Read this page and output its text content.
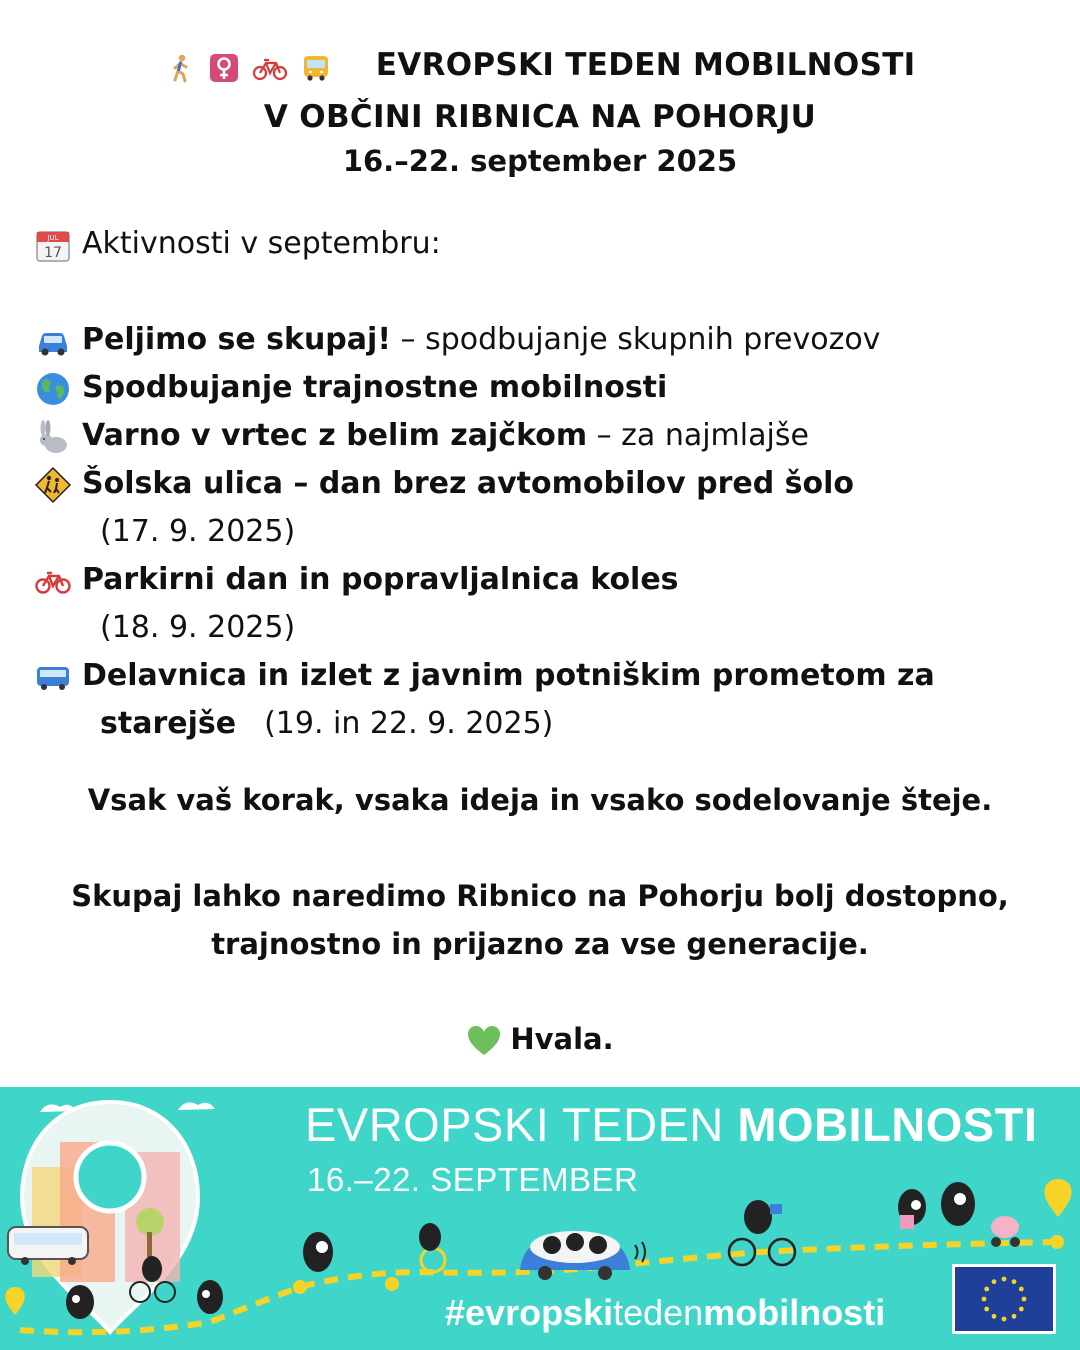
EVROPSKI TEDEN MOBILNOSTI
V OBČINI RIBNICA NA POHORJU
16.–22. september 2025
JUL
17 Aktivnosti v septembru:
Peljimo se skupaj! – spodbujanje skupnih prevozov
Spodbujanje trajnostne mobilnosti
Varno v vrtec z belim zajčkom – za najmlajše
Šolska ulica – dan brez avtomobilov pred šolo
(17. 9. 2025)
Parkirni dan in popravljalnica koles
(18. 9. 2025)
Delavnica in izlet z javnim potniškim prometom za
starejše (19. in 22. 9. 2025)
Vsak vaš korak, vsaka ideja in vsako sodelovanje šteje.
Skupaj lahko naredimo Ribnico na Pohorju bolj dostopno,
trajnostno in prijazno za vse generacije.
Hvala.
EVROPSKI TEDEN MOBILNOSTI
16.–22. SEPTEMBER
#evropskitedenmobilnosti
